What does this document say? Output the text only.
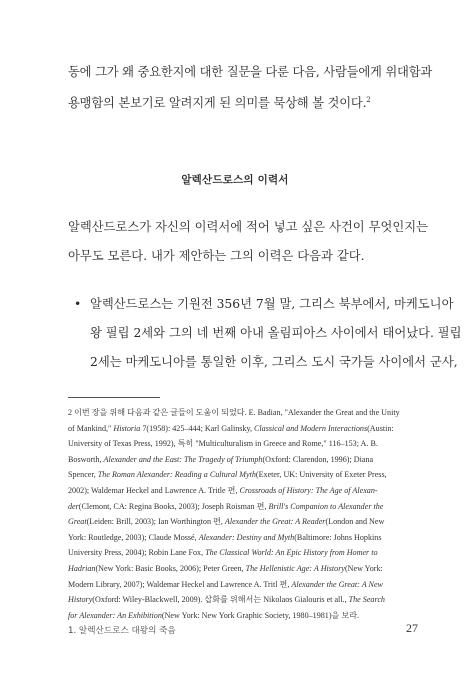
동에 그가 왜 중요한지에 대한 질문을 다룬 다음, 사람들에게 위대함과
용맹함의 본보기로 알려지게 된 의미를 묵상해 볼 것이다.$^2$
알렉산드로스의 이력서
알렉산드로스가 자신의 이력서에 적어 넣고 싶은 사건이 무엇인지는
아무도 모른다. 내가 제안하는 그의 이력은 다음과 같다.
• 알렉산드로스는 기원전 356년 7월 말, 그리스 북부에서, 마케도니아
왕 필립 2세와 그의 네 번째 아내 올림피아스 사이에서 태어났다. 필립
2세는 마케도니아를 통일한 이후, 그리스 도시 국가들 사이에서 군사,
2 이번 장을 위해 다음과 같은 글들이 도움이 되었다. E. Badian, "Alexander the Great and the Unity
of Mankind," Historia 7(1958): 425–444; Karl Galinsky, Classical and Modern Interactions(Austin:
University of Texas Press, 1992), 특히 "Multiculturalism in Greece and Rome," 116–153; A. B.
Bosworth, Alexander and the East: The Tragedy of Triumph(Oxford: Clarendon, 1996); Diana
Spencer, The Roman Alexander: Reading a Cultural Myth(Exeter, UK: University of Exeter Press,
2002); Waldemar Heckel and Lawrence A. Tritle 편, Crossroads of History: The Age of Alexan-
der(Clemont, CA: Regina Books, 2003); Joseph Roisman 편, Brill's Companion to Alexander the
Great(Leiden: Brill, 2003); Ian Worthington 편, Alexander the Great: A Reader(London and New
York: Routledge, 2003); Claude Mossé, Alexander: Destiny and Myth(Baltimore: Johns Hopkins
University Press, 2004); Robin Lane Fox, The Classical World: An Epic History from Homer to
Hadrian(New York: Basic Books, 2006); Peter Green, The Hellenistic Age: A History(New York:
Modern Library, 2007); Waldemar Heckel and Lawrence A. Tritl 편, Alexander the Great: A New
History(Oxford: Wiley-Blackwell, 2009). 삽화를 위해서는 Nikolaos Gialouris et all., The Search
for Alexander: An Exhibition(New York: New York Graphic Society, 1980–1981)을 보라.
1. 알렉산드로스 대왕의 죽음	27
